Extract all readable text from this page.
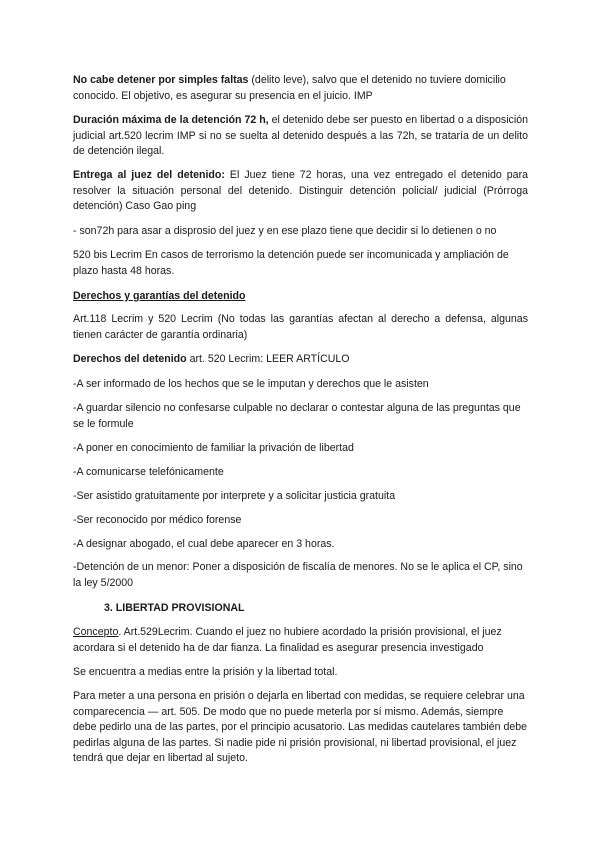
No cabe detener por simples faltas (delito leve), salvo que el detenido no tuviere domicilio conocido. El objetivo, es asegurar su presencia en el juicio. IMP

Duración máxima de la detención 72 h, el detenido debe ser puesto en libertad o a disposición judicial art.520 lecrim IMP si no se suelta al detenido después a las 72h, se trataría de un delito de detención ilegal.

Entrega al juez del detenido: El Juez tiene 72 horas, una vez entregado el detenido para resolver la situación personal del detenido. Distinguir detención policial/ judicial (Prórroga detención) Caso Gao ping

- son72h para asar a disprosio del juez y en ese plazo tiene que decidir si lo detienen o no

520 bis Lecrim En casos de terrorismo la detención puede ser incomunicada y ampliación de plazo hasta 48 horas.

Derechos y garantías del detenido

Art.118 Lecrim y 520 Lecrim (No todas las garantías afectan al derecho a defensa, algunas tienen carácter de garantía ordinaria)

Derechos del detenido art. 520 Lecrim: LEER ARTÍCULO

-A ser informado de los hechos que se le imputan y derechos que le asisten

-A guardar silencio no confesarse culpable no declarar o contestar alguna de las preguntas que se le formule

-A poner en conocimiento de familiar la privación de libertad

-A comunicarse telefónicamente

-Ser asistido gratuitamente por interprete y a solicitar justicia gratuita

-Ser reconocido por médico forense

-A designar abogado, el cual debe aparecer en 3 horas.

-Detención de un menor: Poner a disposición de fiscalía de menores. No se le aplica el CP, sino la ley 5/2000

3. LIBERTAD PROVISIONAL

Concepto. Art.529Lecrim. Cuando el juez no hubiere acordado la prisión provisional, el juez acordara si el detenido ha de dar fianza. La finalidad es asegurar presencia investigado

Se encuentra a medias entre la prisión y la libertad total.

Para meter a una persona en prisión o dejarla en libertad con medidas, se requiere celebrar una comparecencia — art. 505. De modo que no puede meterla por sí mismo. Además, siempre debe pedirlo una de las partes, por el principio acusatorio. Las medidas cautelares también debe pedirlas alguna de las partes. Si nadie pide ni prisión provisional, ni libertad provisional, el juez tendrá que dejar en libertad al sujeto.
